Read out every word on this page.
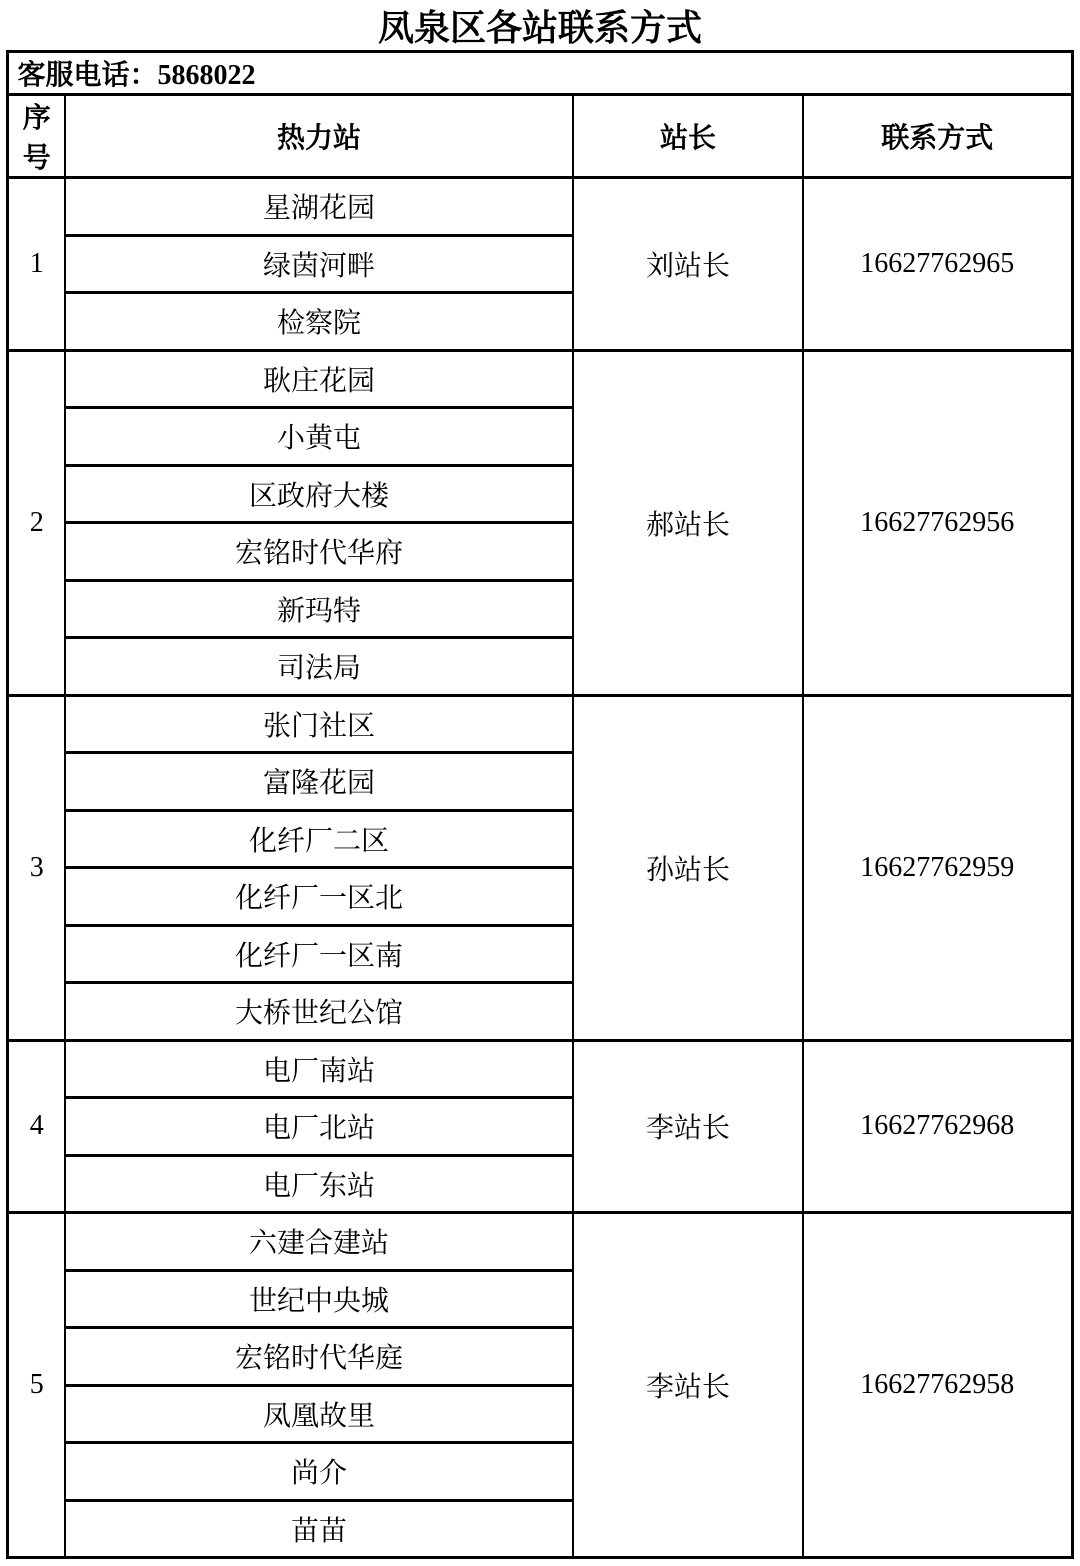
凤泉区各站联系方式
客服电话：5868022			
序号	热力站	站长	联系方式
1	星湖花园	刘站长	16627762965
	绿茵河畔		
	检察院		
2	耿庄花园	郝站长	16627762956
	小黄屯		
	区政府大楼		
	宏铭时代华府		
	新玛特		
	司法局		
3	张门社区	孙站长	16627762959
	富隆花园		
	化纤厂二区		
	化纤厂一区北		
	化纤厂一区南		
	大桥世纪公馆		
4	电厂南站	李站长	16627762968
	电厂北站		
	电厂东站		
5	六建合建站	李站长	16627762958
	世纪中央城		
	宏铭时代华庭		
	凤凰故里		
	尚介		
	苗苗		
